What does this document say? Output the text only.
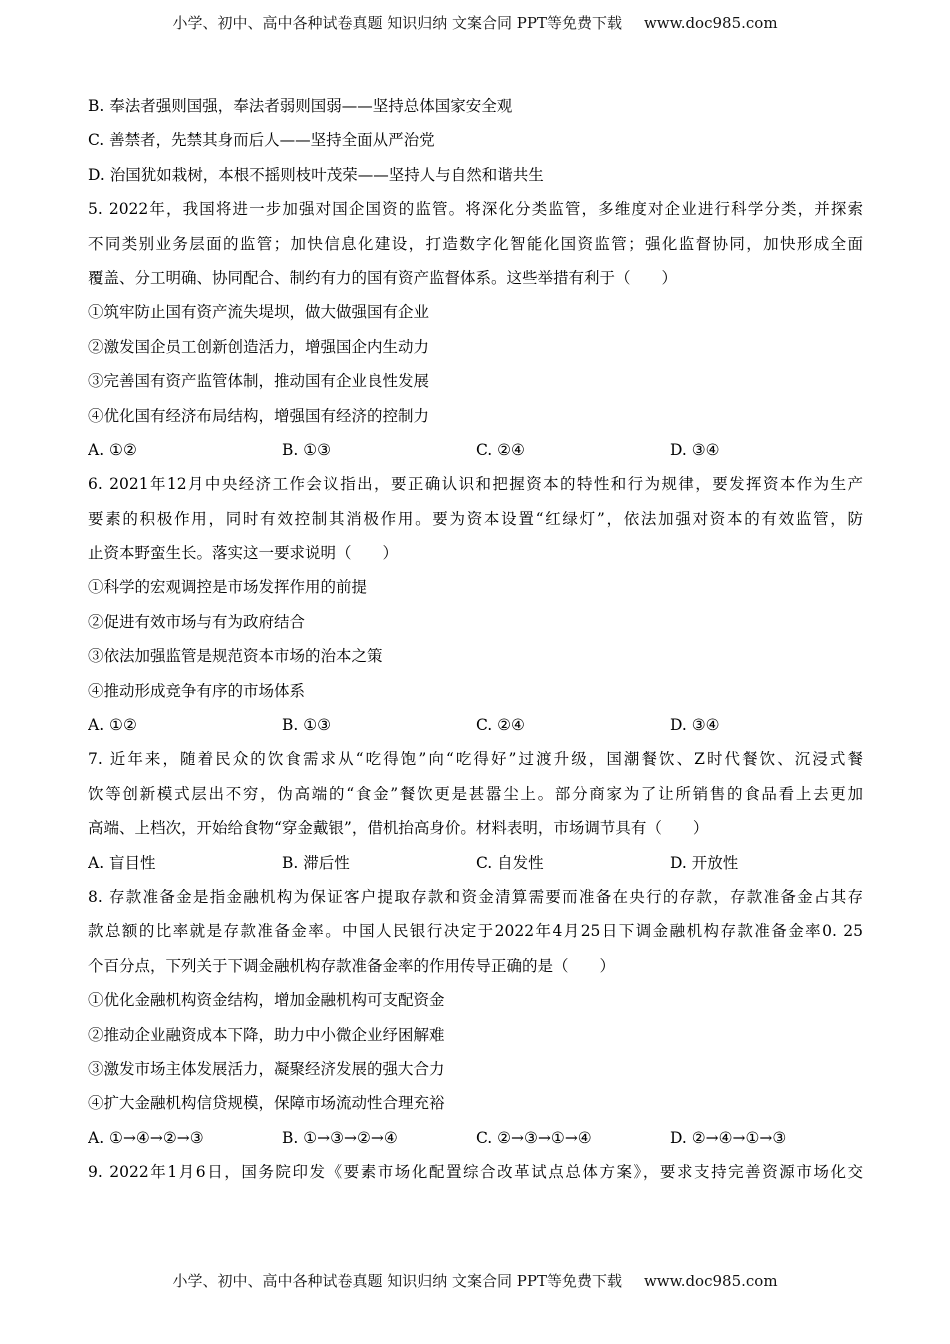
小学、初中、高中各种试卷真题 知识归纳 文案合同 PPT等免费下载 www.doc985.com
B. 奉法者强则国强，奉法者弱则国弱——坚持总体国家安全观
C. 善禁者，先禁其身而后人——坚持全面从严治党
D. 治国犹如栽树，本根不摇则枝叶茂荣——坚持人与自然和谐共生
5. 2022年，我国将进一步加强对国企国资的监管。将深化分类监管，多维度对企业进行科学分类，并探索
不同类别业务层面的监管；加快信息化建设，打造数字化智能化国资监管；强化监督协同，加快形成全面
覆盖、分工明确、协同配合、制约有力的国有资产监督体系。这些举措有利于（　　）
①筑牢防止国有资产流失堤坝，做大做强国有企业
②激发国企员工创新创造活力，增强国企内生动力
③完善国有资产监管体制，推动国有企业良性发展
④优化国有经济布局结构，增强国有经济的控制力
A. ①②	B. ①③	C. ②④	D. ③④
6. 2021年12月中央经济工作会议指出，要正确认识和把握资本的特性和行为规律，要发挥资本作为生产
要素的积极作用，同时有效控制其消极作用。要为资本设置“红绿灯”，依法加强对资本的有效监管，防
止资本野蛮生长。落实这一要求说明（　　）
①科学的宏观调控是市场发挥作用的前提
②促进有效市场与有为政府结合
③依法加强监管是规范资本市场的治本之策
④推动形成竞争有序的市场体系
A. ①②	B. ①③	C. ②④	D. ③④
7. 近年来，随着民众的饮食需求从“吃得饱”向“吃得好”过渡升级，国潮餐饮、Z时代餐饮、沉浸式餐
饮等创新模式层出不穷，伪高端的“食金”餐饮更是甚嚣尘上。部分商家为了让所销售的食品看上去更加
高端、上档次，开始给食物“穿金戴银”，借机抬高身价。材料表明，市场调节具有（　　）
A. 盲目性	B. 滞后性	C. 自发性	D. 开放性
8. 存款准备金是指金融机构为保证客户提取存款和资金清算需要而准备在央行的存款，存款准备金占其存
款总额的比率就是存款准备金率。中国人民银行决定于2022年4月25日下调金融机构存款准备金率0. 25
个百分点，下列关于下调金融机构存款准备金率的作用传导正确的是（　　）
①优化金融机构资金结构，增加金融机构可支配资金
②推动企业融资成本下降，助力中小微企业纾困解难
③激发市场主体发展活力，凝聚经济发展的强大合力
④扩大金融机构信贷规模，保障市场流动性合理充裕
A. ①→④→②→③	B. ①→③→②→④	C. ②→③→①→④	D. ②→④→①→③
9. 2022年1月6日，国务院印发《要素市场化配置综合改革试点总体方案》，要求支持完善资源市场化交
小学、初中、高中各种试卷真题 知识归纳 文案合同 PPT等免费下载 www.doc985.com
